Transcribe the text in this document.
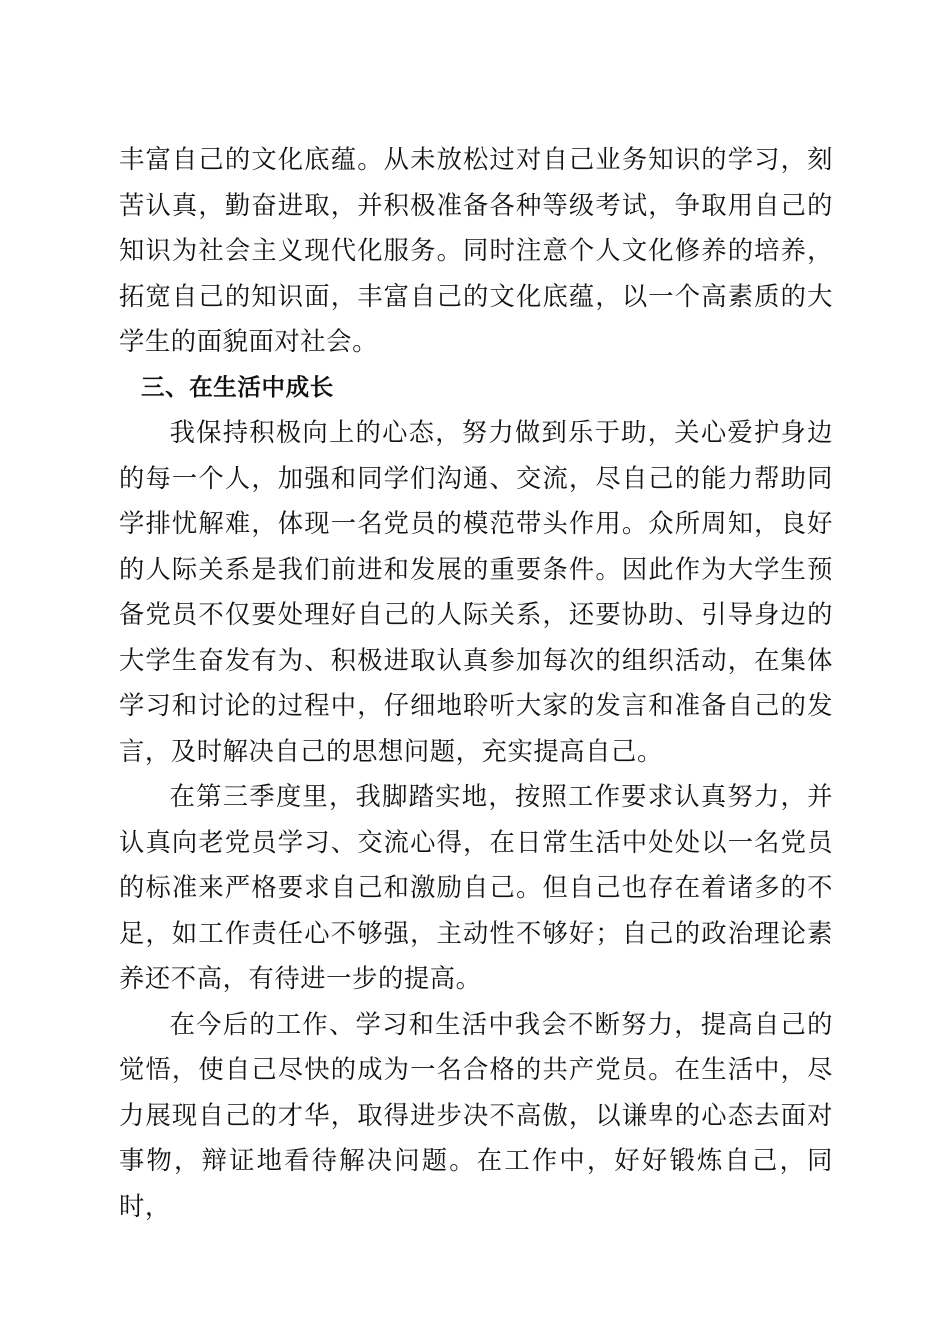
丰富自己的文化底蕴。从未放松过对自己业务知识的学习，刻苦认真，勤奋进取，并积极准备各种等级考试，争取用自己的知识为社会主义现代化服务。同时注意个人文化修养的培养，拓宽自己的知识面，丰富自己的文化底蕴，以一个高素质的大学生的面貌面对社会。

三、在生活中成长

我保持积极向上的心态，努力做到乐于助，关心爱护身边的每一个人，加强和同学们沟通、交流，尽自己的能力帮助同学排忧解难，体现一名党员的模范带头作用。众所周知，良好的人际关系是我们前进和发展的重要条件。因此作为大学生预备党员不仅要处理好自己的人际关系，还要协助、引导身边的大学生奋发有为、积极进取认真参加每次的组织活动，在集体学习和讨论的过程中，仔细地聆听大家的发言和准备自己的发言，及时解决自己的思想问题，充实提高自己。

在第三季度里，我脚踏实地，按照工作要求认真努力，并认真向老党员学习、交流心得，在日常生活中处处以一名党员的标准来严格要求自己和激励自己。但自己也存在着诸多的不足，如工作责任心不够强，主动性不够好；自己的政治理论素养还不高，有待进一步的提高。

在今后的工作、学习和生活中我会不断努力，提高自己的觉悟，使自己尽快的成为一名合格的共产党员。在生活中，尽力展现自己的才华，取得进步决不高傲，以谦卑的心态去面对事物，辩证地看待解决问题。在工作中，好好锻炼自己，同时，
